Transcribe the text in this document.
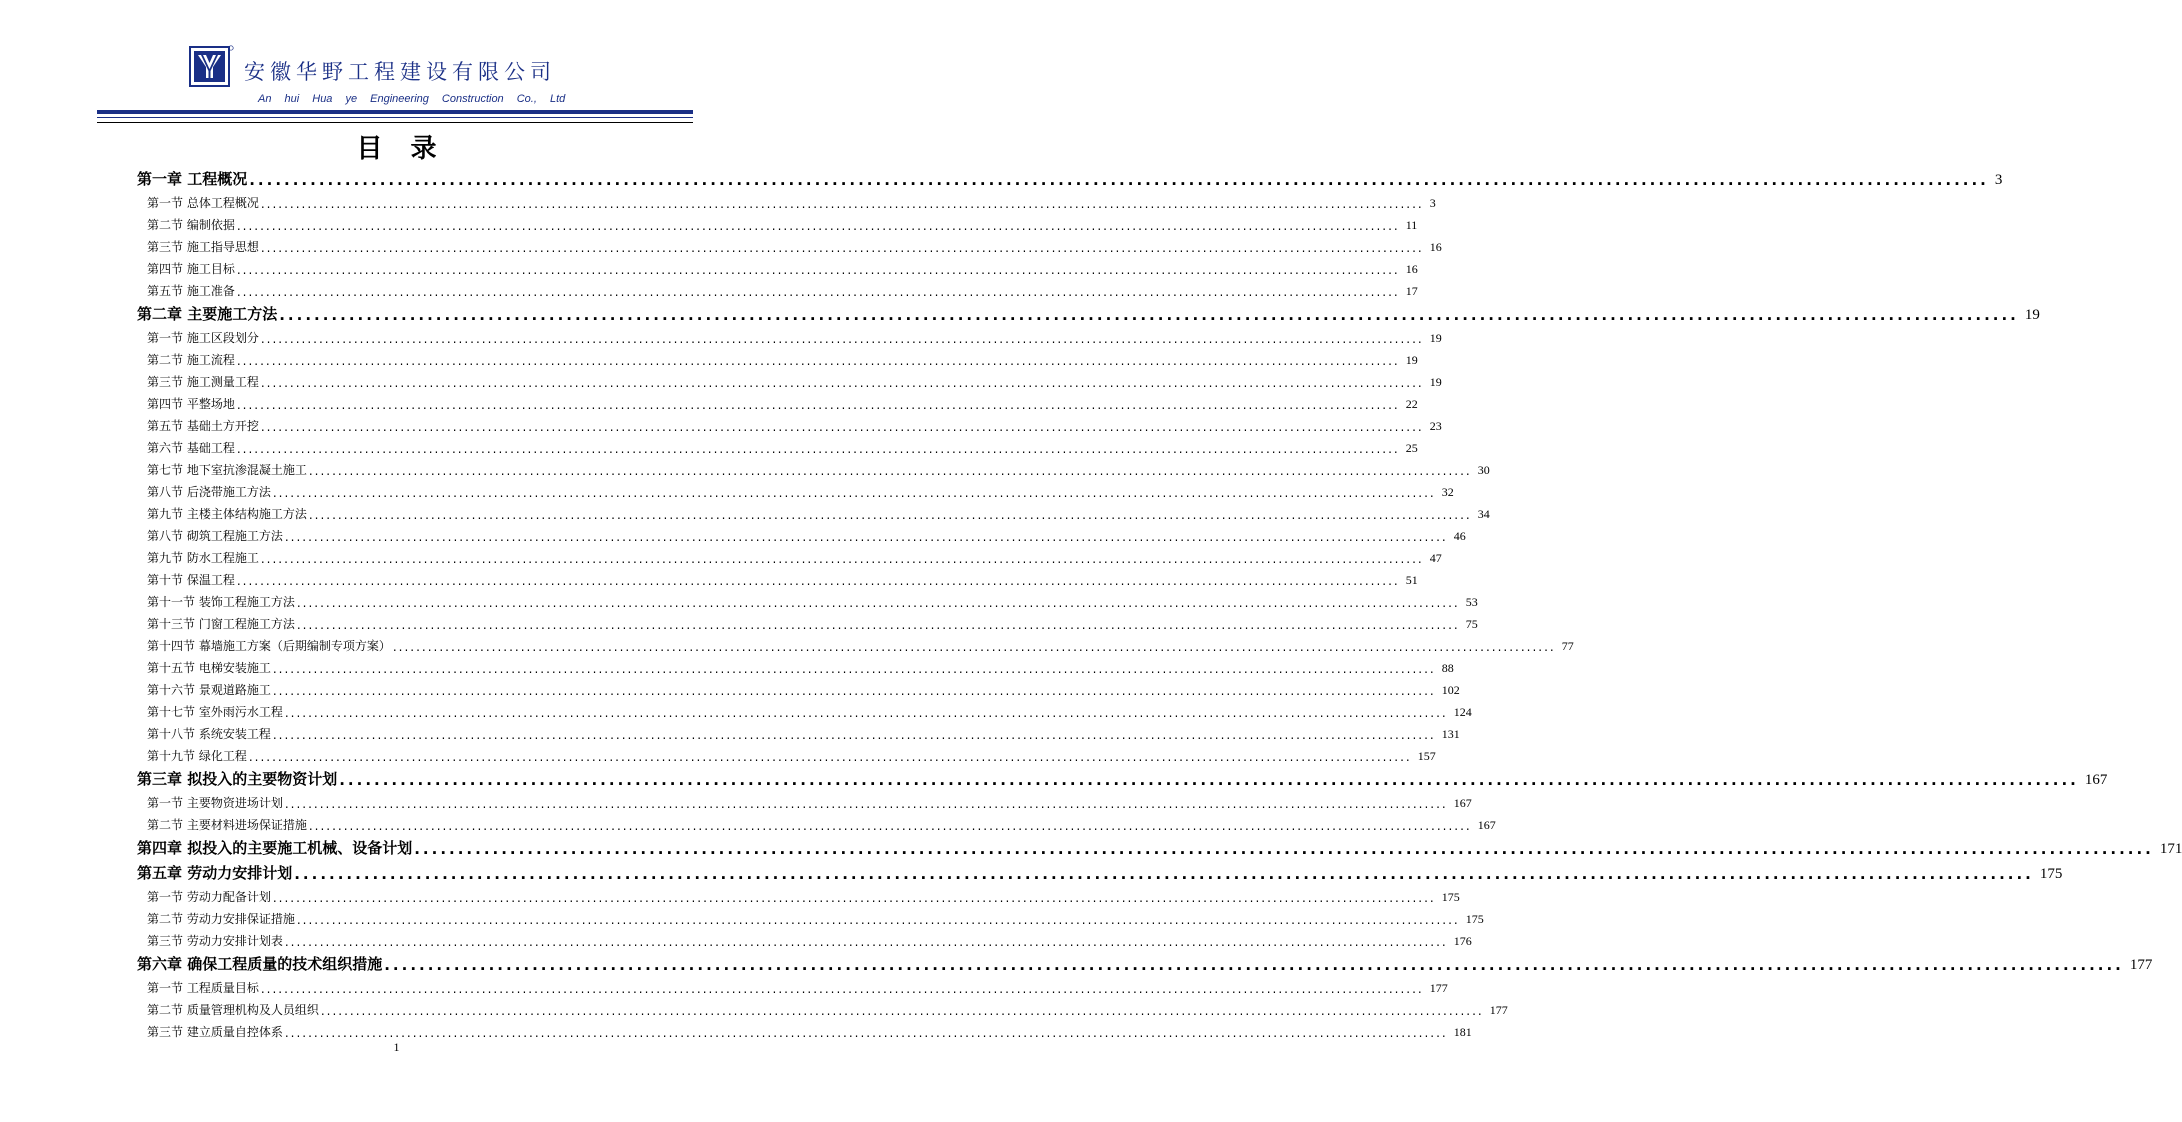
安徽华野工程建设有限公司
An hui Hua ye Engineering Construction Co., Ltd
目录
第一章 工程概况 ........................................................................................................................................................................................................ 3
第一节 总体工程概况 ........................................................................................................................................................................................................ 3
第二节 编制依据 ........................................................................................................................................................................................................ 11
第三节 施工指导思想 ........................................................................................................................................................................................................ 16
第四节 施工目标 ........................................................................................................................................................................................................ 16
第五节 施工准备 ........................................................................................................................................................................................................ 17
第二章 主要施工方法 ........................................................................................................................................................................................................ 19
第一节 施工区段划分 ........................................................................................................................................................................................................ 19
第二节 施工流程 ........................................................................................................................................................................................................ 19
第三节 施工测量工程 ........................................................................................................................................................................................................ 19
第四节 平整场地 ........................................................................................................................................................................................................ 22
第五节 基础土方开挖 ........................................................................................................................................................................................................ 23
第六节 基础工程 ........................................................................................................................................................................................................ 25
第七节 地下室抗渗混凝土施工 ........................................................................................................................................................................................................ 30
第八节 后浇带施工方法 ........................................................................................................................................................................................................ 32
第九节 主楼主体结构施工方法 ........................................................................................................................................................................................................ 34
第八节 砌筑工程施工方法 ........................................................................................................................................................................................................ 46
第九节 防水工程施工 ........................................................................................................................................................................................................ 47
第十节 保温工程 ........................................................................................................................................................................................................ 51
第十一节 装饰工程施工方法 ........................................................................................................................................................................................................ 53
第十三节 门窗工程施工方法 ........................................................................................................................................................................................................ 75
第十四节 幕墙施工方案（后期编制专项方案） ........................................................................................................................................................................................................ 77
第十五节 电梯安装施工 ........................................................................................................................................................................................................ 88
第十六节 景观道路施工 ........................................................................................................................................................................................................ 102
第十七节 室外雨污水工程 ........................................................................................................................................................................................................ 124
第十八节 系统安装工程 ........................................................................................................................................................................................................ 131
第十九节 绿化工程 ........................................................................................................................................................................................................ 157
第三章 拟投入的主要物资计划 ........................................................................................................................................................................................................ 167
第一节 主要物资进场计划 ........................................................................................................................................................................................................ 167
第二节 主要材料进场保证措施 ........................................................................................................................................................................................................ 167
第四章 拟投入的主要施工机械、设备计划 ........................................................................................................................................................................................................ 171
第五章 劳动力安排计划 ........................................................................................................................................................................................................ 175
第一节 劳动力配备计划 ........................................................................................................................................................................................................ 175
第二节 劳动力安排保证措施 ........................................................................................................................................................................................................ 175
第三节 劳动力安排计划表 ........................................................................................................................................................................................................ 176
第六章 确保工程质量的技术组织措施 ........................................................................................................................................................................................................ 177
第一节 工程质量目标 ........................................................................................................................................................................................................ 177
第二节 质量管理机构及人员组织 ........................................................................................................................................................................................................ 177
第三节 建立质量自控体系 ........................................................................................................................................................................................................ 181
1
